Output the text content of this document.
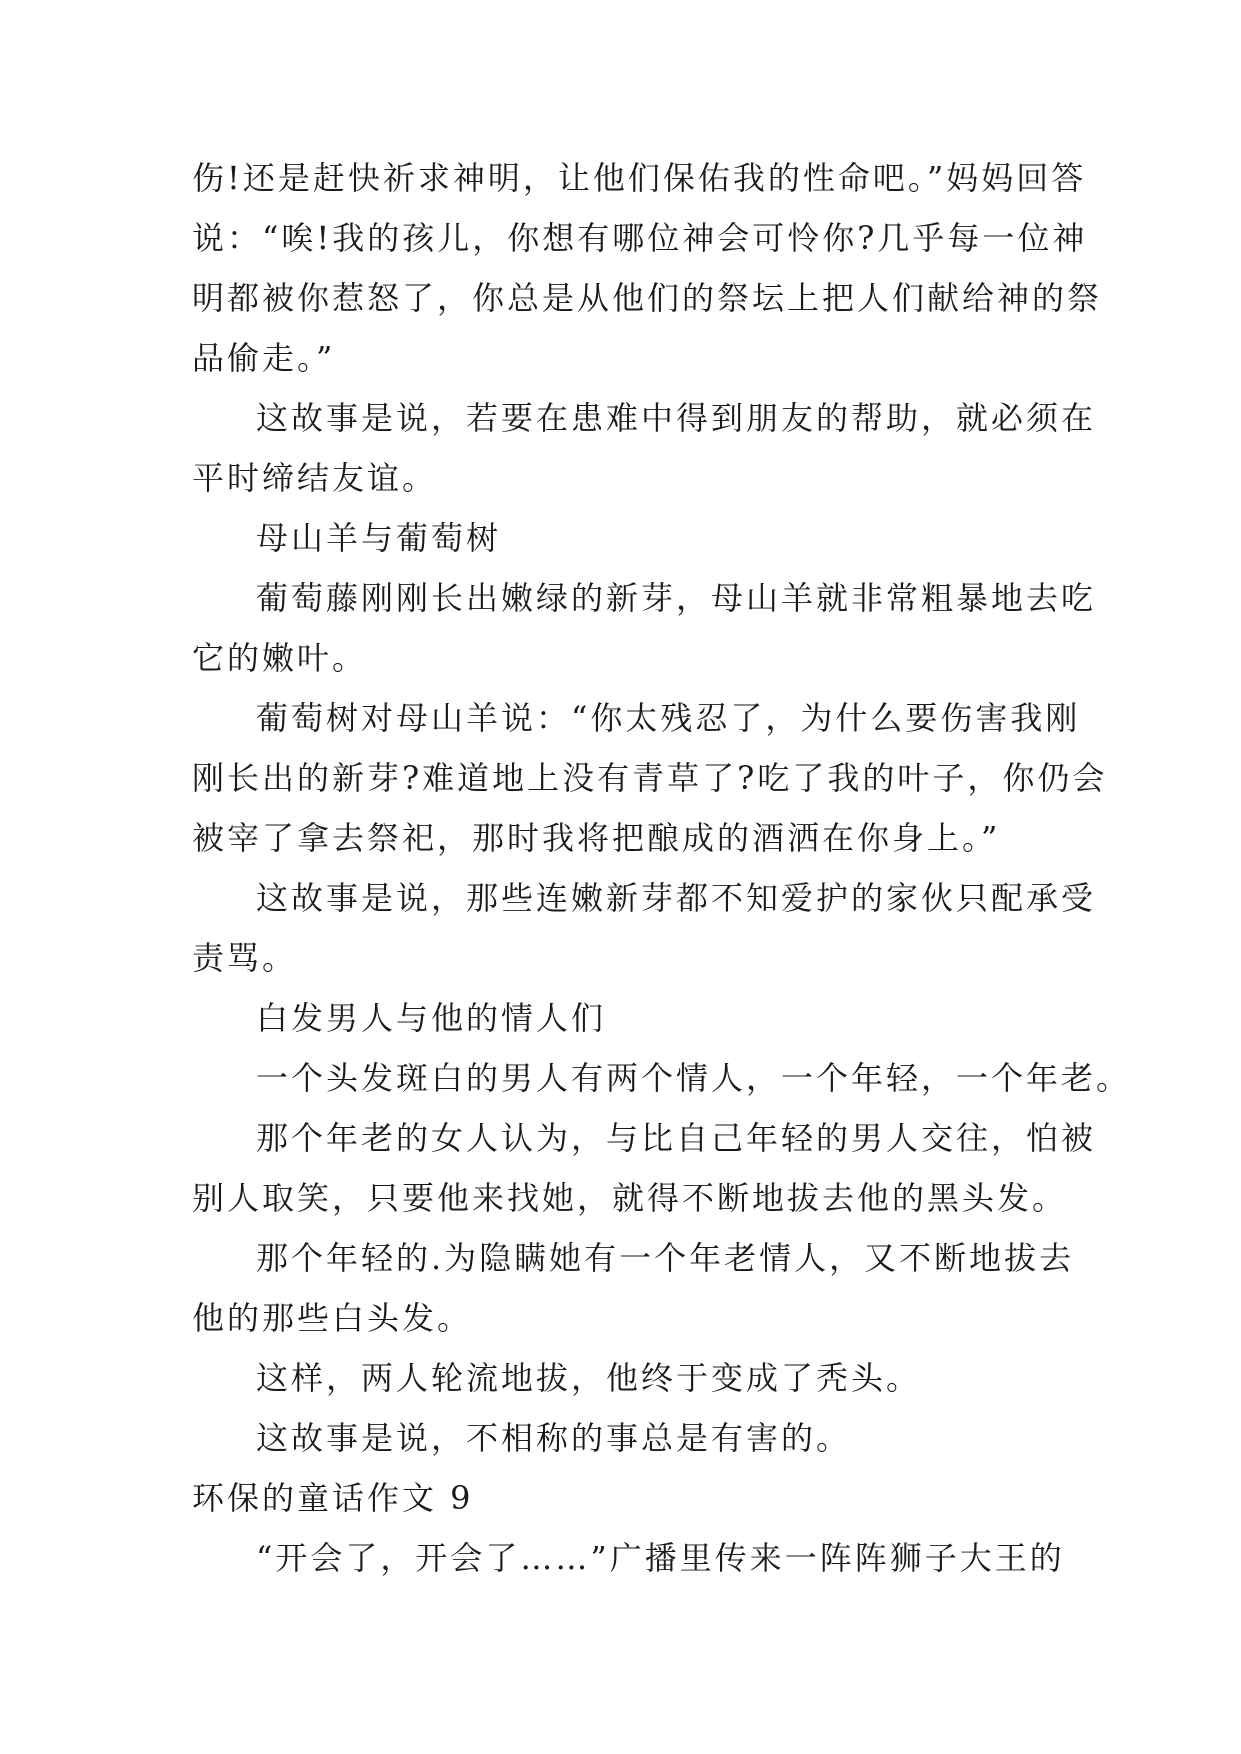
伤!还是赶快祈求神明，让他们保佑我的性命吧。”妈妈回答
说：“唉!我的孩儿，你想有哪位神会可怜你?几乎每一位神
明都被你惹怒了，你总是从他们的祭坛上把人们献给神的祭
品偷走。”
这故事是说，若要在患难中得到朋友的帮助，就必须在
平时缔结友谊。
母山羊与葡萄树
葡萄藤刚刚长出嫩绿的新芽，母山羊就非常粗暴地去吃
它的嫩叶。
葡萄树对母山羊说：“你太残忍了，为什么要伤害我刚
刚长出的新芽?难道地上没有青草了?吃了我的叶子，你仍会
被宰了拿去祭祀，那时我将把酿成的酒洒在你身上。”
这故事是说，那些连嫩新芽都不知爱护的家伙只配承受
责骂。
白发男人与他的情人们
一个头发斑白的男人有两个情人，一个年轻，一个年老。
那个年老的女人认为，与比自己年轻的男人交往，怕被
别人取笑，只要他来找她，就得不断地拔去他的黑头发。
那个年轻的.为隐瞒她有一个年老情人，又不断地拔去
他的那些白头发。
这样，两人轮流地拔，他终于变成了秃头。
这故事是说，不相称的事总是有害的。
环保的童话作文 9
“开会了，开会了……”广播里传来一阵阵狮子大王的
